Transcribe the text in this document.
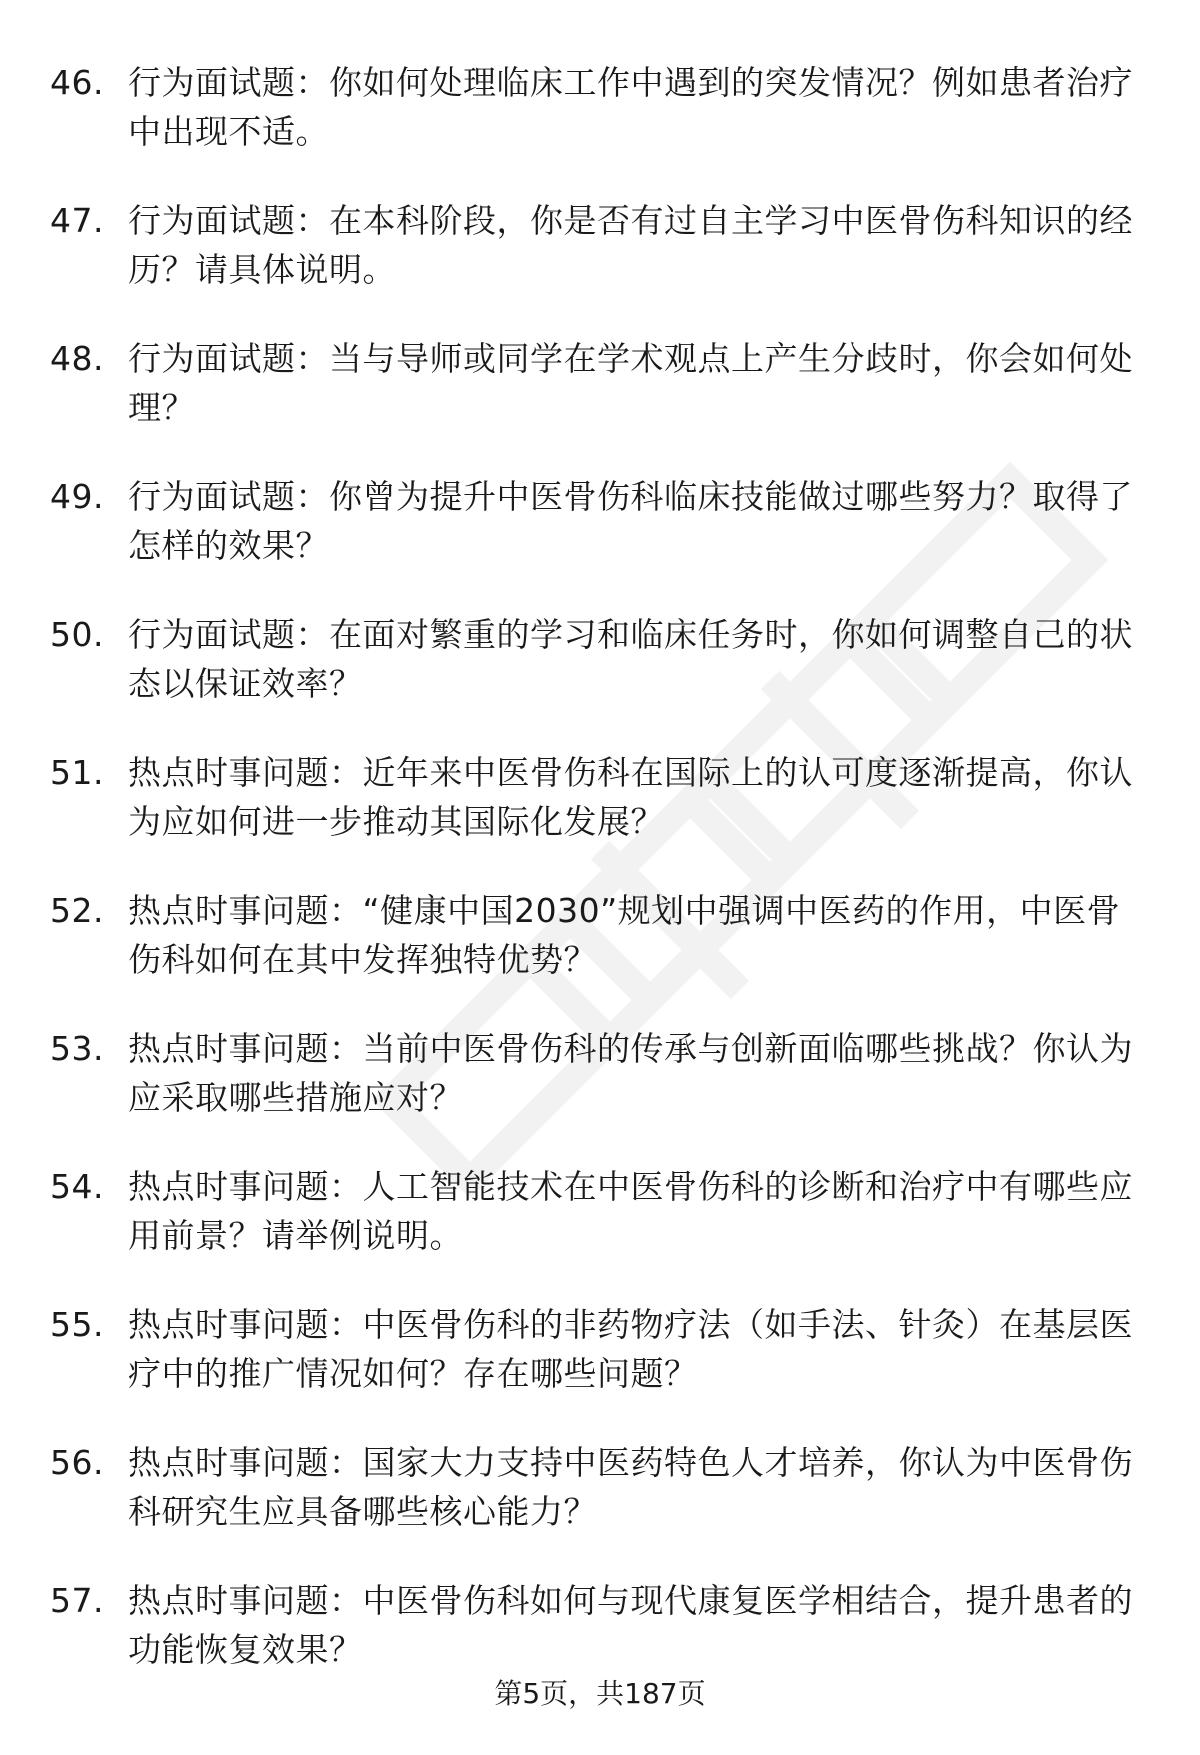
46. 行为面试题：你如何处理临床工作中遇到的突发情况？例如患者治疗中出现不适。
47. 行为面试题：在本科阶段，你是否有过自主学习中医骨伤科知识的经历？请具体说明。
48. 行为面试题：当与导师或同学在学术观点上产生分歧时，你会如何处理？
49. 行为面试题：你曾为提升中医骨伤科临床技能做过哪些努力？取得了怎样的效果？
50. 行为面试题：在面对繁重的学习和临床任务时，你如何调整自己的状态以保证效率？
51. 热点时事问题：近年来中医骨伤科在国际上的认可度逐渐提高，你认为应如何进一步推动其国际化发展？
52. 热点时事问题：“健康中国2030”规划中强调中医药的作用，中医骨伤科如何在其中发挥独特优势？
53. 热点时事问题：当前中医骨伤科的传承与创新面临哪些挑战？你认为应采取哪些措施应对？
54. 热点时事问题：人工智能技术在中医骨伤科的诊断和治疗中有哪些应用前景？请举例说明。
55. 热点时事问题：中医骨伤科的非药物疗法（如手法、针灸）在基层医疗中的推广情况如何？存在哪些问题？
56. 热点时事问题：国家大力支持中医药特色人才培养，你认为中医骨伤科研究生应具备哪些核心能力？
57. 热点时事问题：中医骨伤科如何与现代康复医学相结合，提升患者的功能恢复效果？
第5页，共187页
